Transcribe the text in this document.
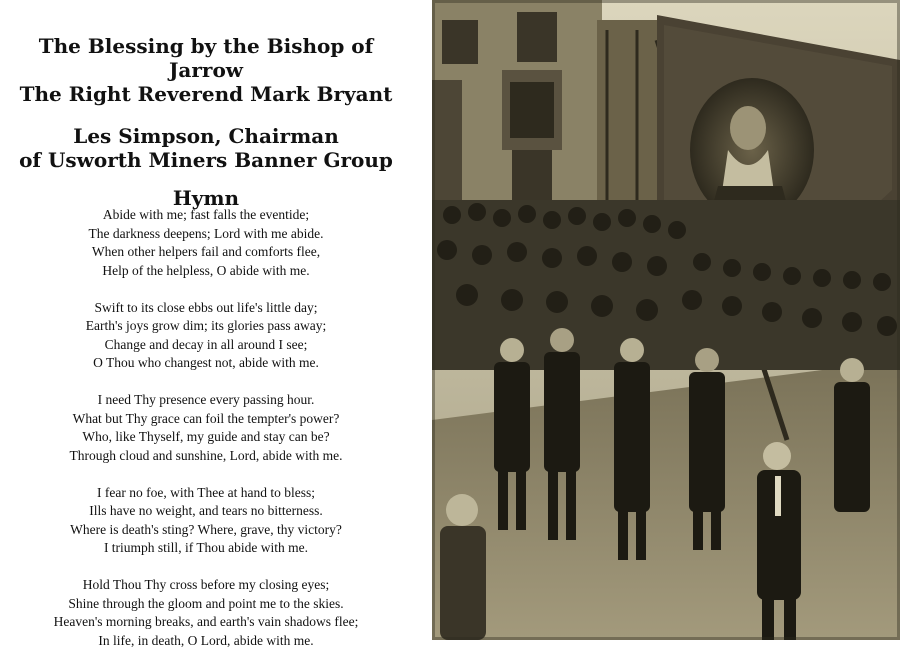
The Blessing by the Bishop of Jarrow
The Right Reverend Mark Bryant
Les Simpson, Chairman
of Usworth Miners Banner Group
Hymn
Abide with me; fast falls the eventide;
The darkness deepens; Lord with me abide.
When other helpers fail and comforts flee,
Help of the helpless, O abide with me.
Swift to its close ebbs out life's little day;
Earth's joys grow dim; its glories pass away;
Change and decay in all around I see;
O Thou who changest not, abide with me.
I need Thy presence every passing hour.
What but Thy grace can foil the tempter's power?
Who, like Thyself, my guide and stay can be?
Through cloud and sunshine, Lord, abide with me.
I fear no foe, with Thee at hand to bless;
Ills have no weight, and tears no bitterness.
Where is death's sting? Where, grave, thy victory?
I triumph still, if Thou abide with me.
Hold Thou Thy cross before my closing eyes;
Shine through the gloom and point me to the skies.
Heaven's morning breaks, and earth's vain shadows flee;
In life, in death, O Lord, abide with me.
